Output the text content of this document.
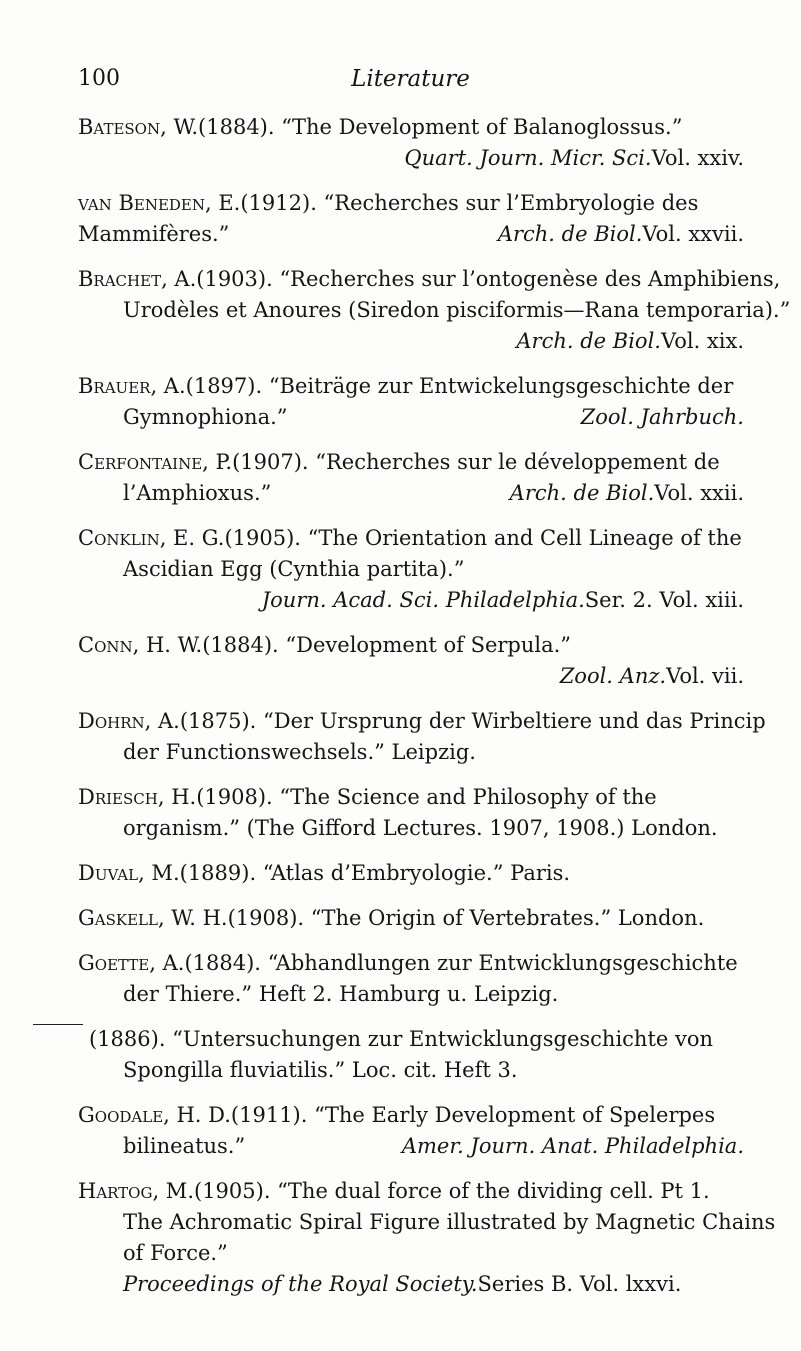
100	Literature
Bateson, W. (1884). “The Development of Balanoglossus.”
Quart. Journ. Micr. Sci. Vol. xxiv.
van Beneden, E. (1912). “Recherches sur l’Embryologie des
Mammifères.”	Arch. de Biol. Vol. xxvii.
Brachet, A. (1903). “Recherches sur l’ontogenèse des Amphibiens,
Urodèles et Anoures (Siredon pisciformis—Rana temporaria).”
Arch. de Biol. Vol. xix.
Brauer, A. (1897). “Beiträge zur Entwickelungsgeschichte der
Gymnophiona.”	Zool. Jahrbuch.
Cerfontaine, P. (1907). “Recherches sur le développement de
l’Amphioxus.”	Arch. de Biol. Vol. xxii.
Conklin, E. G. (1905). “The Orientation and Cell Lineage of the
Ascidian Egg (Cynthia partita).”
Journ. Acad. Sci. Philadelphia. Ser. 2. Vol. xiii.
Conn, H. W. (1884). “Development of Serpula.”
Zool. Anz. Vol. vii.
Dohrn, A. (1875). “Der Ursprung der Wirbeltiere und das Princip
der Functionswechsels.” Leipzig.
Driesch, H. (1908). “The Science and Philosophy of the
organism.” (The Gifford Lectures. 1907, 1908.) London.
Duval, M. (1889). “Atlas d’Embryologie.” Paris.
Gaskell, W. H. (1908). “The Origin of Vertebrates.” London.
Goette, A. (1884). “Abhandlungen zur Entwicklungsgeschichte
der Thiere.” Heft 2. Hamburg u. Leipzig.
(1886). “Untersuchungen zur Entwicklungsgeschichte von
Spongilla fluviatilis.” Loc. cit. Heft 3.
Goodale, H. D. (1911). “The Early Development of Spelerpes
bilineatus.”	Amer. Journ. Anat. Philadelphia.
Hartog, M. (1905). “The dual force of the dividing cell. Pt 1.
The Achromatic Spiral Figure illustrated by Magnetic Chains
of Force.”
Proceedings of the Royal Society. Series B. Vol. lxxvi.
